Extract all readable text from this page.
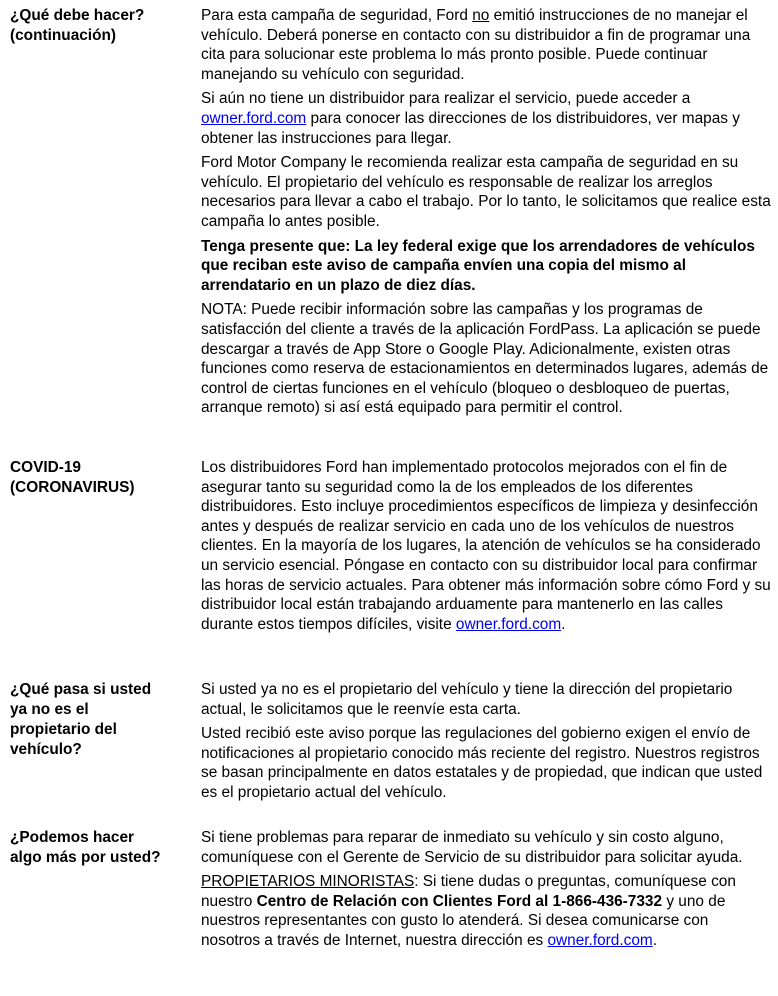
¿Qué debe hacer?
(continuación)

Para esta campaña de seguridad, Ford no emitió instrucciones de no manejar el vehículo. Deberá ponerse en contacto con su distribuidor a fin de programar una cita para solucionar este problema lo más pronto posible. Puede continuar manejando su vehículo con seguridad.

Si aún no tiene un distribuidor para realizar el servicio, puede acceder a owner.ford.com para conocer las direcciones de los distribuidores, ver mapas y obtener las instrucciones para llegar.

Ford Motor Company le recomienda realizar esta campaña de seguridad en su vehículo. El propietario del vehículo es responsable de realizar los arreglos necesarios para llevar a cabo el trabajo. Por lo tanto, le solicitamos que realice esta campaña lo antes posible.

Tenga presente que: La ley federal exige que los arrendadores de vehículos que reciban este aviso de campaña envíen una copia del mismo al arrendatario en un plazo de diez días.

NOTA: Puede recibir información sobre las campañas y los programas de satisfacción del cliente a través de la aplicación FordPass. La aplicación se puede descargar a través de App Store o Google Play. Adicionalmente, existen otras funciones como reserva de estacionamientos en determinados lugares, además de control de ciertas funciones en el vehículo (bloqueo o desbloqueo de puertas, arranque remoto) si así está equipado para permitir el control.

COVID-19
(CORONAVIRUS)

Los distribuidores Ford han implementado protocolos mejorados con el fin de asegurar tanto su seguridad como la de los empleados de los diferentes distribuidores. Esto incluye procedimientos específicos de limpieza y desinfección antes y después de realizar servicio en cada uno de los vehículos de nuestros clientes. En la mayoría de los lugares, la atención de vehículos se ha considerado un servicio esencial. Póngase en contacto con su distribuidor local para confirmar las horas de servicio actuales. Para obtener más información sobre cómo Ford y su distribuidor local están trabajando arduamente para mantenerlo en las calles durante estos tiempos difíciles, visite owner.ford.com.

¿Qué pasa si usted
ya no es el
propietario del
vehículo?

Si usted ya no es el propietario del vehículo y tiene la dirección del propietario actual, le solicitamos que le reenvíe esta carta.

Usted recibió este aviso porque las regulaciones del gobierno exigen el envío de notificaciones al propietario conocido más reciente del registro. Nuestros registros se basan principalmente en datos estatales y de propiedad, que indican que usted es el propietario actual del vehículo.

¿Podemos hacer
algo más por usted?

Si tiene problemas para reparar de inmediato su vehículo y sin costo alguno, comuníquese con el Gerente de Servicio de su distribuidor para solicitar ayuda.

PROPIETARIOS MINORISTAS: Si tiene dudas o preguntas, comuníquese con nuestro Centro de Relación con Clientes Ford al 1-866-436-7332 y uno de nuestros representantes con gusto lo atenderá. Si desea comunicarse con nosotros a través de Internet, nuestra dirección es owner.ford.com.
